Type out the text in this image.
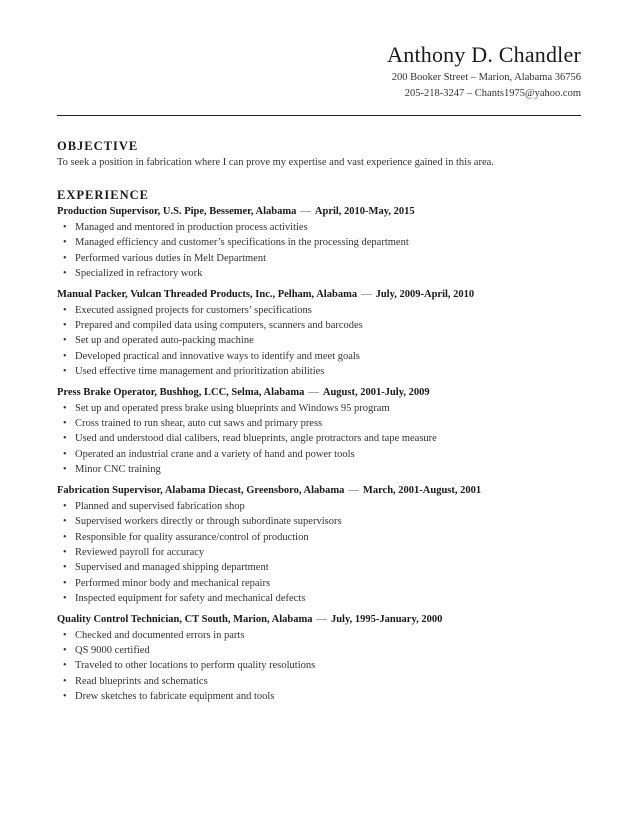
Anthony D. Chandler
200 Booker Street – Marion, Alabama 36756
205-218-3247 – Chants1975@yahoo.com
OBJECTIVE

To seek a position in fabrication where I can prove my expertise and vast experience gained in this area.

EXPERIENCE
Production Supervisor, U.S. Pipe, Bessemer, Alabama — April, 2010-May, 2015
• Managed and mentored in production process activities
• Managed efficiency and customer’s specifications in the processing department
• Performed various duties in Melt Department
• Specialized in refractory work
Manual Packer, Vulcan Threaded Products, Inc., Pelham, Alabama — July, 2009-April, 2010
• Executed assigned projects for customers’ specifications
• Prepared and compiled data using computers, scanners and barcodes
• Set up and operated auto-packing machine
• Developed practical and innovative ways to identify and meet goals
• Used effective time management and prioritization abilities
Press Brake Operator, Bushhog, LCC, Selma, Alabama — August, 2001-July, 2009
• Set up and operated press brake using blueprints and Windows 95 program
• Cross trained to run shear, auto cut saws and primary press
• Used and understood dial calibers, read blueprints, angle protractors and tape measure
• Operated an industrial crane and a variety of hand and power tools
• Minor CNC training
Fabrication Supervisor, Alabama Diecast, Greensboro, Alabama — March, 2001-August, 2001
• Planned and supervised fabrication shop
• Supervised workers directly or through subordinate supervisors
• Responsible for quality assurance/control of production
• Reviewed payroll for accuracy
• Supervised and managed shipping department
• Performed minor body and mechanical repairs
• Inspected equipment for safety and mechanical defects
Quality Control Technician, CT South, Marion, Alabama — July, 1995-January, 2000
• Checked and documented errors in parts
• QS 9000 certified
• Traveled to other locations to perform quality resolutions
• Read blueprints and schematics
• Drew sketches to fabricate equipment and tools
